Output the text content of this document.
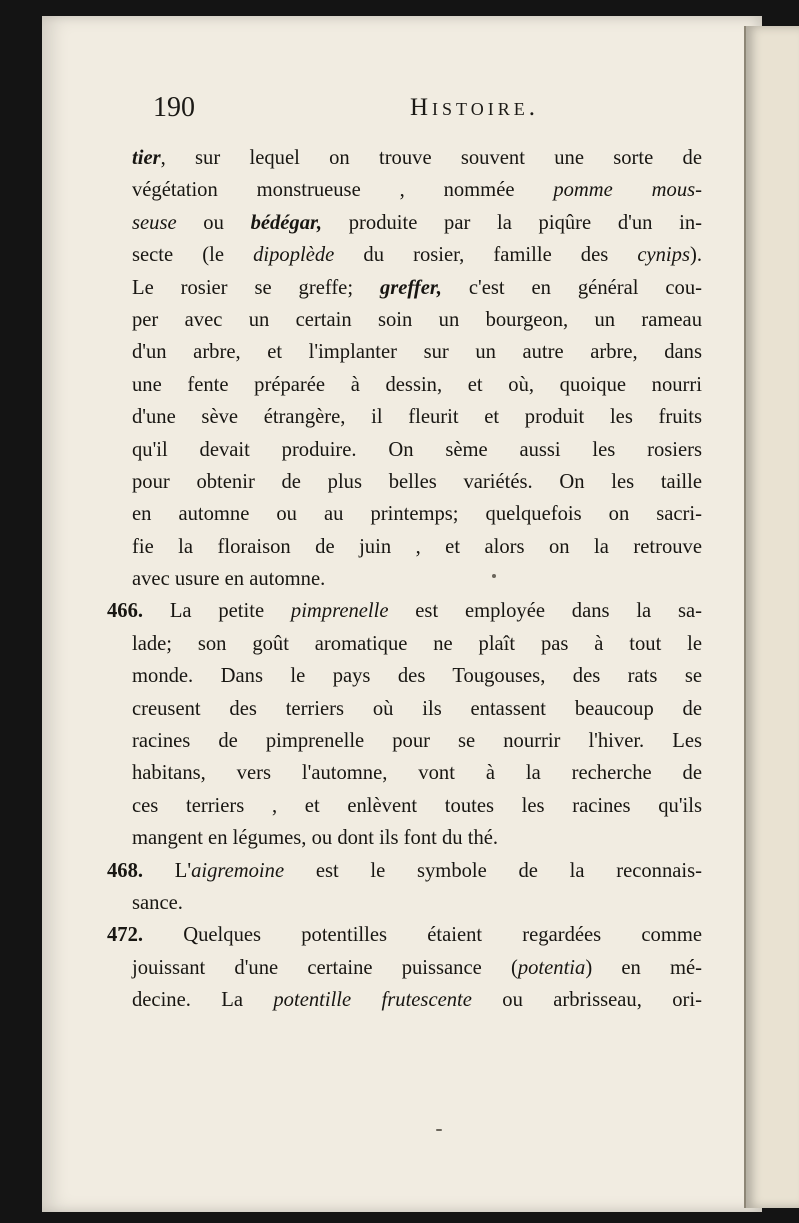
190	Histoire.
tier, sur lequel on trouve souvent une sorte de
végétation monstrueuse , nommée pomme mous-
seuse ou bédégar, produite par la piqûre d'un in-
secte (le dipoplède du rosier, famille des cynips).
Le rosier se greffe; greffer, c'est en général cou-
per avec un certain soin un bourgeon, un rameau
d'un arbre, et l'implanter sur un autre arbre, dans
une fente préparée à dessin, et où, quoique nourri
d'une sève étrangère, il fleurit et produit les fruits
qu'il devait produire. On sème aussi les rosiers
pour obtenir de plus belles variétés. On les taille
en automne ou au printemps; quelquefois on sacri-
fie la floraison de juin , et alors on la retrouve
avec usure en automne.
466. La petite pimprenelle est employée dans la sa-
lade; son goût aromatique ne plaît pas à tout le
monde. Dans le pays des Tougouses, des rats se
creusent des terriers où ils entassent beaucoup de
racines de pimprenelle pour se nourrir l'hiver. Les
habitans, vers l'automne, vont à la recherche de
ces terriers , et enlèvent toutes les racines qu'ils
mangent en légumes, ou dont ils font du thé.
468. L'aigremoine est le symbole de la reconnais-
sance.
472. Quelques potentilles étaient regardées comme
jouissant d'une certaine puissance (potentia) en mé-
decine. La potentille frutescente ou arbrisseau, ori-
